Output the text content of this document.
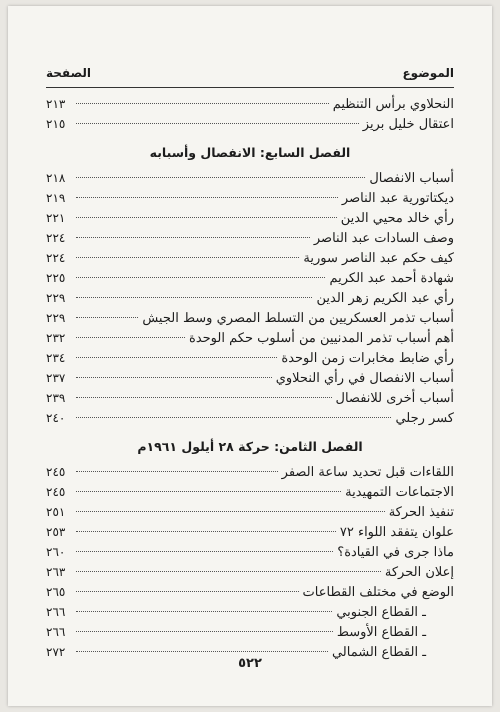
الموضوع
الصفحة
النحلاوي برأس التنظيم
٢١٣
اعتقال خليل بريز
٢١٥
الفصل السابع: الانفصال وأسبابه
أسباب الانفصال
٢١٨
ديكتاتورية عبد الناصر
٢١٩
رأي خالد محيي الدين
٢٢١
وصف السادات عبد الناصر
٢٢٤
كيف حكم عبد الناصر سورية
٢٢٤
شهادة أحمد عبد الكريم
٢٢٥
رأي عبد الكريم زهر الدين
٢٢٩
أسباب تذمر العسكريين من التسلط المصري وسط الجيش
٢٢٩
أهم أسباب تذمر المدنيين من أسلوب حكم الوحدة
٢٣٢
رأي ضابط مخابرات زمن الوحدة
٢٣٤
أسباب الانفصال في رأي النحلاوي
٢٣٧
أسباب أخرى للانفصال
٢٣٩
كسر رجلي
٢٤٠
الفصل الثامن: حركة ٢٨ أيلول ١٩٦١م
اللقاءات قبل تحديد ساعة الصفر
٢٤٥
الاجتماعات التمهيدية
٢٤٥
تنفيذ الحركة
٢٥١
علوان يتفقد اللواء ٧٢
٢٥٣
ماذا جرى في القيادة؟
٢٦٠
إعلان الحركة
٢٦٣
الوضع في مختلف القطاعات
٢٦٥
ـ القطاع الجنوبي
٢٦٦
ـ القطاع الأوسط
٢٦٦
ـ القطاع الشمالي
٢٧٢
٥٢٢
